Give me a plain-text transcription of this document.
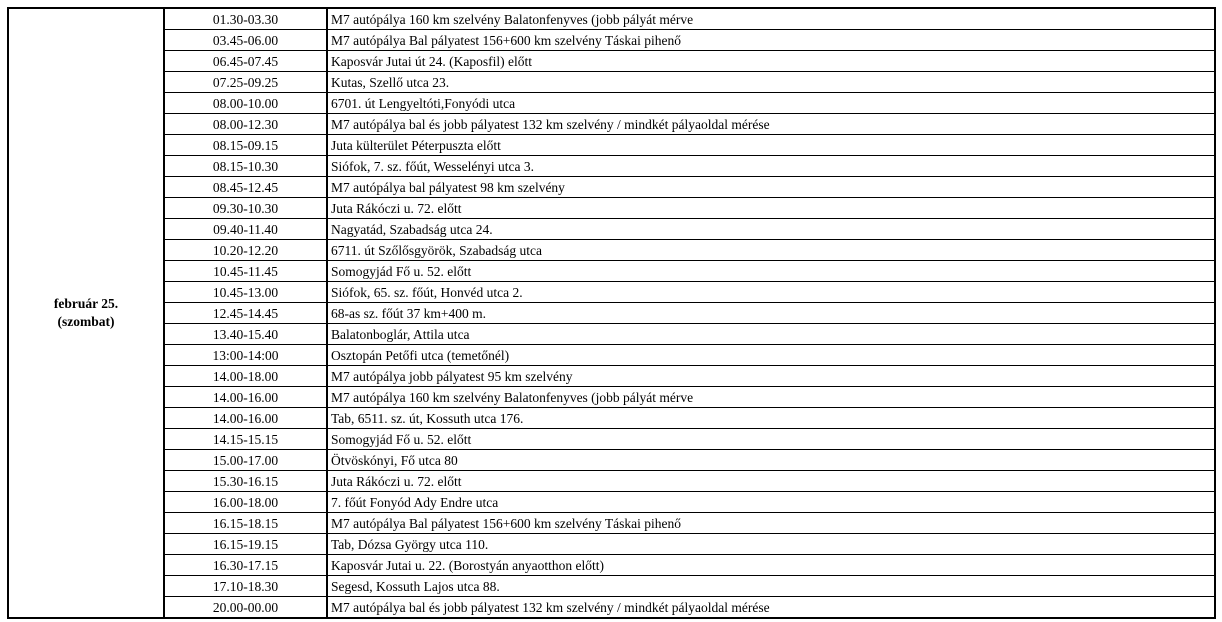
február 25.
(szombat)	01.30-03.30	M7 autópálya 160 km szelvény Balatonfenyves (jobb pályát mérve
	03.45-06.00	M7 autópálya Bal pályatest 156+600 km szelvény Táskai pihenő
	06.45-07.45	Kaposvár Jutai út 24. (Kaposfil) előtt
	07.25-09.25	Kutas, Szellő utca 23.
	08.00-10.00	6701. út Lengyeltóti,Fonyódi utca
	08.00-12.30	M7 autópálya bal és jobb pályatest 132 km szelvény / mindkét pályaoldal mérése
	08.15-09.15	Juta külterület Péterpuszta előtt
	08.15-10.30	Siófok, 7. sz. főút, Wesselényi utca 3.
	08.45-12.45	M7 autópálya bal pályatest 98 km szelvény
	09.30-10.30	Juta Rákóczi u. 72. előtt
	09.40-11.40	Nagyatád, Szabadság utca 24.
	10.20-12.20	6711. út Szőlősgyörök, Szabadság utca
	10.45-11.45	Somogyjád Fő u. 52. előtt
	10.45-13.00	Siófok, 65. sz. főút, Honvéd utca 2.
	12.45-14.45	68-as sz. főút 37 km+400 m.
	13.40-15.40	Balatonboglár, Attila utca
	13:00-14:00	Osztopán Petőfi utca (temetőnél)
	14.00-18.00	M7 autópálya jobb pályatest 95 km szelvény
	14.00-16.00	M7 autópálya 160 km szelvény Balatonfenyves (jobb pályát mérve
	14.00-16.00	Tab, 6511. sz. út, Kossuth utca 176.
	14.15-15.15	Somogyjád Fő u. 52. előtt
	15.00-17.00	Ötvöskónyi, Fő utca 80
	15.30-16.15	Juta Rákóczi u. 72. előtt
	16.00-18.00	7. főút Fonyód Ady Endre utca
	16.15-18.15	M7 autópálya Bal pályatest 156+600 km szelvény Táskai pihenő
	16.15-19.15	Tab, Dózsa György utca 110.
	16.30-17.15	Kaposvár Jutai u. 22. (Borostyán anyaotthon előtt)
	17.10-18.30	Segesd, Kossuth Lajos utca 88.
	20.00-00.00	M7 autópálya bal és jobb pályatest 132 km szelvény / mindkét pályaoldal mérése
